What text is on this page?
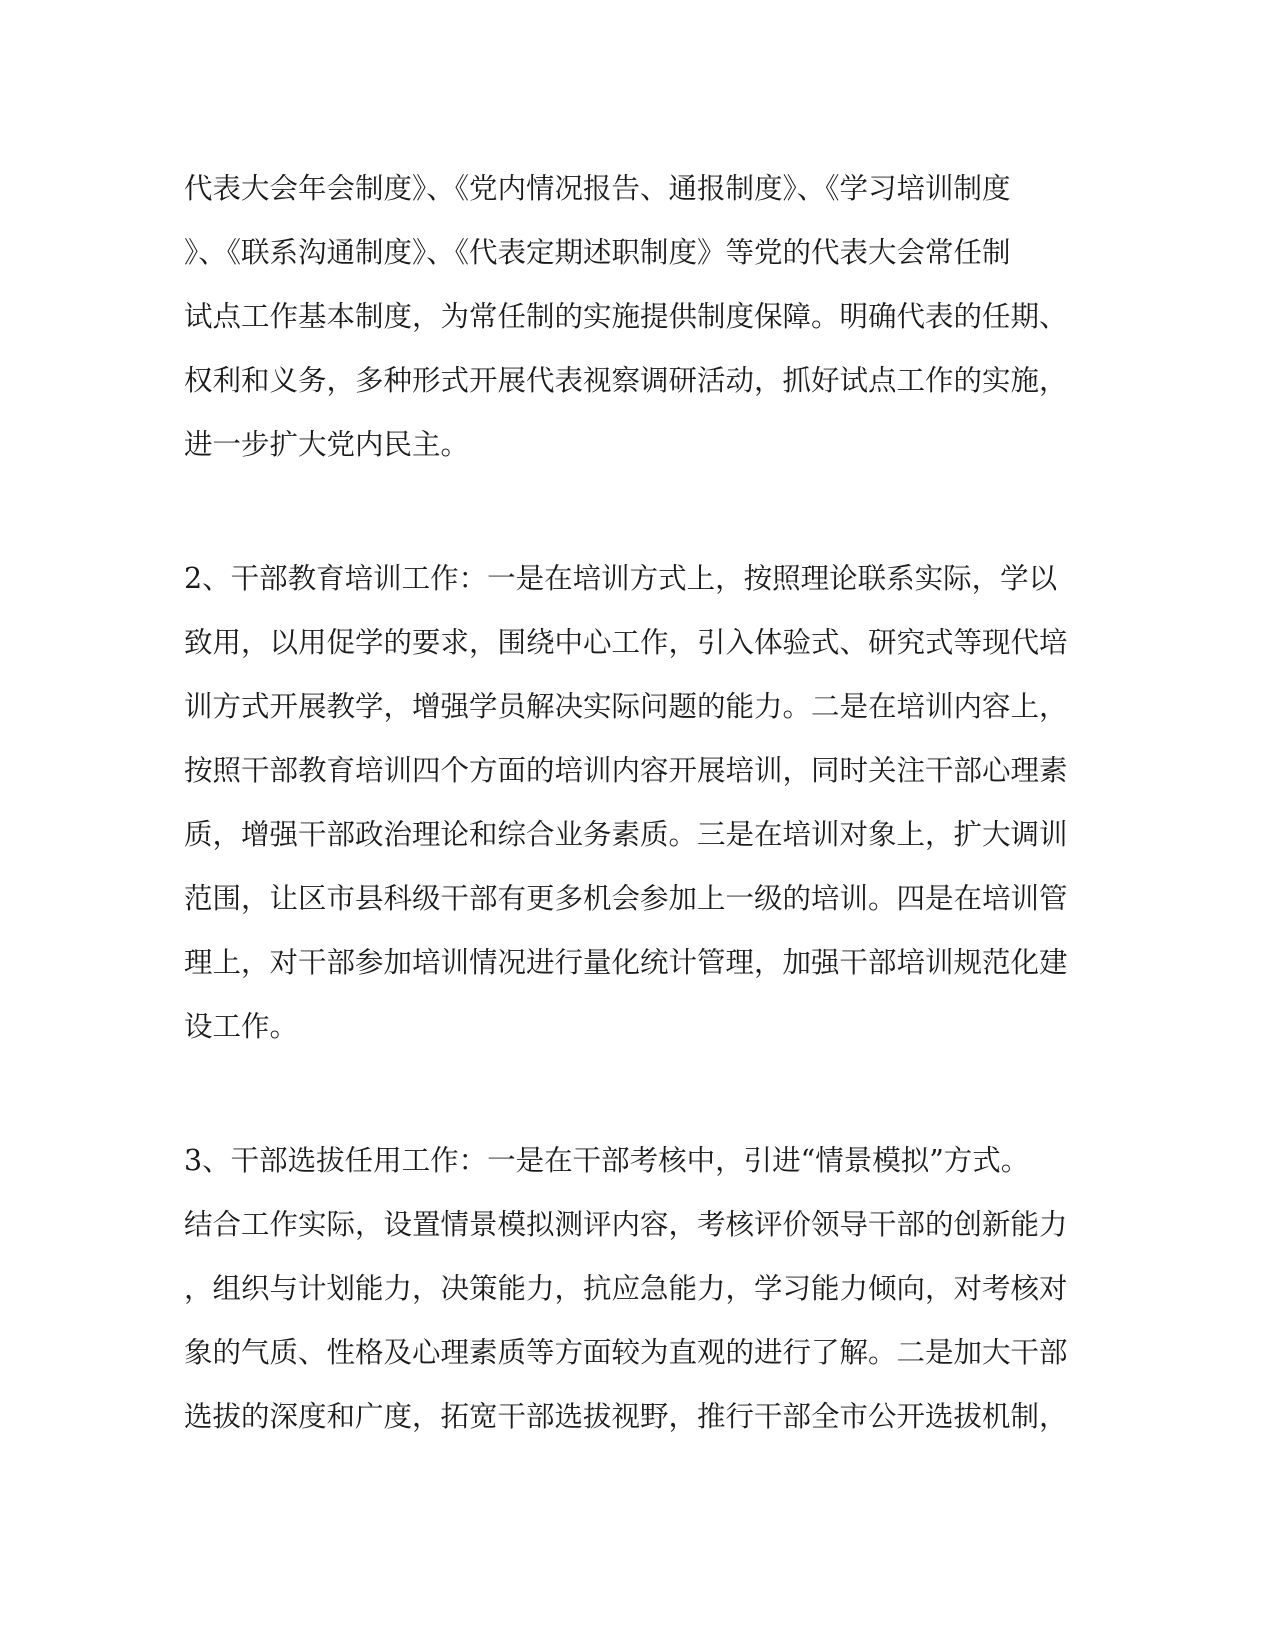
代表大会年会制度》、《党内情况报告、通报制度》、《学习培训制度
》、《联系沟通制度》、《代表定期述职制度》等党的代表大会常任制
试点工作基本制度，为常任制的实施提供制度保障。明确代表的任期、
权利和义务，多种形式开展代表视察调研活动，抓好试点工作的实施，
进一步扩大党内民主。
2、干部教育培训工作：一是在培训方式上，按照理论联系实际，学以
致用，以用促学的要求，围绕中心工作，引入体验式、研究式等现代培
训方式开展教学，增强学员解决实际问题的能力。二是在培训内容上，
按照干部教育培训四个方面的培训内容开展培训，同时关注干部心理素
质，增强干部政治理论和综合业务素质。三是在培训对象上，扩大调训
范围，让区市县科级干部有更多机会参加上一级的培训。四是在培训管
理上，对干部参加培训情况进行量化统计管理，加强干部培训规范化建
设工作。
3、干部选拔任用工作：一是在干部考核中，引进“情景模拟”方式。
结合工作实际，设置情景模拟测评内容，考核评价领导干部的创新能力
，组织与计划能力，决策能力，抗应急能力，学习能力倾向，对考核对
象的气质、性格及心理素质等方面较为直观的进行了解。二是加大干部
选拔的深度和广度，拓宽干部选拔视野，推行干部全市公开选拔机制，
